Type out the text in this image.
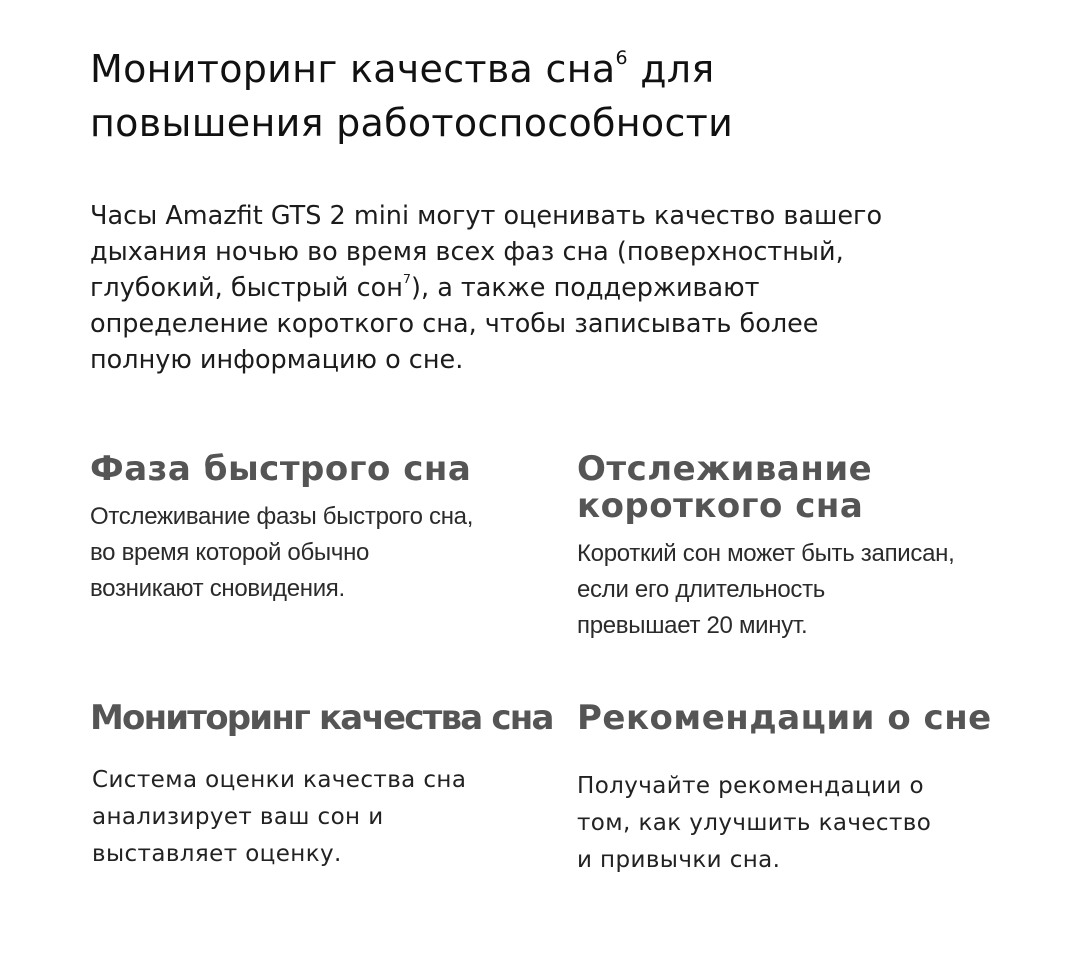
Мониторинг качества сна$^6$ для
повышения работоспособности

Часы Amazfit GTS 2 mini могут оценивать качество вашего
дыхания ночью во время всех фаз сна (поверхностный,
глубокий, быстрый сон$^7$), а также поддерживают
определение короткого сна, чтобы записывать более
полную информацию о сне.

Фаза быстрого сна

Отслеживание фазы быстрого сна,
во время которой обычно
возникают сновидения.

Отслеживание
короткого сна

Короткий сон может быть записан,
если его длительность
превышает 20 минут.

Мониторинг качества сна

Система оценки качества сна
анализирует ваш сон и
выставляет оценку.

Рекомендации о сне

Получайте рекомендации о
том, как улучшить качество
и привычки сна.
